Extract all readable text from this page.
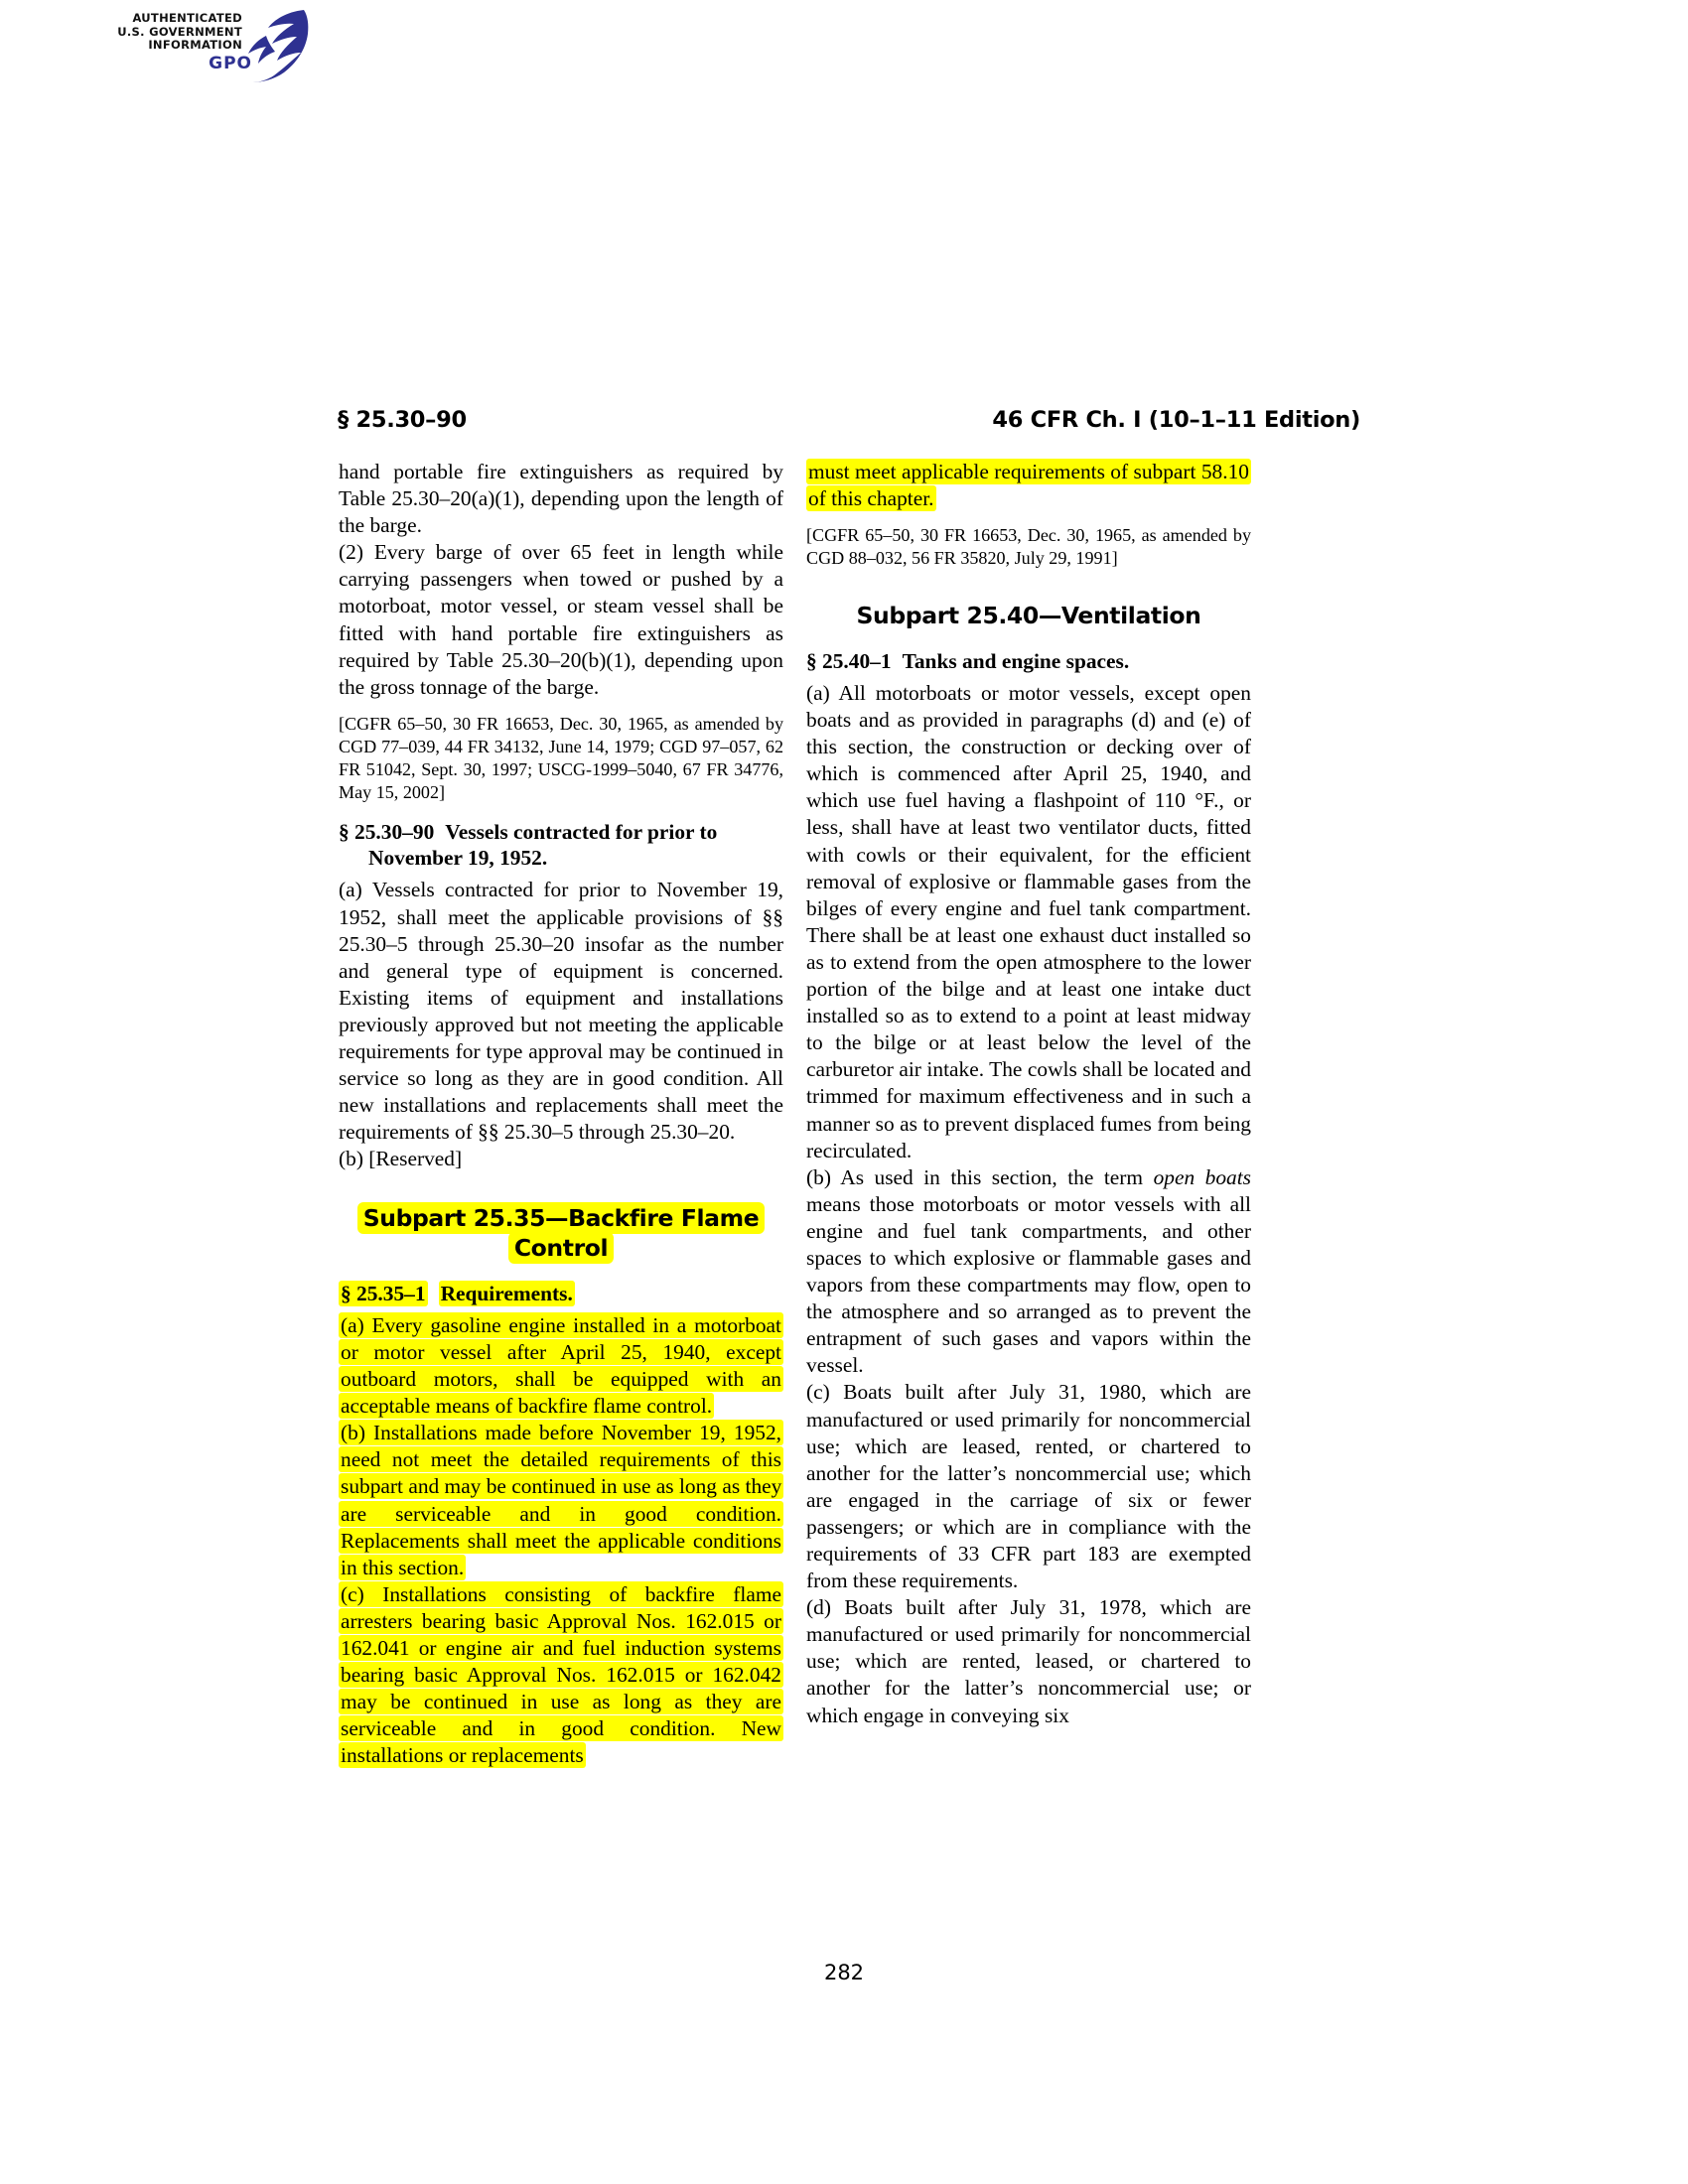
AUTHENTICATED
U.S. GOVERNMENT
INFORMATION
GPO
§ 25.30–90	46 CFR Ch. I (10–1–11 Edition)

hand portable fire extinguishers as required by Table 25.30–20(a)(1), depending upon the length of the barge.

(2) Every barge of over 65 feet in length while carrying passengers when towed or pushed by a motorboat, motor vessel, or steam vessel shall be fitted with hand portable fire extinguishers as required by Table 25.30–20(b)(1), depending upon the gross tonnage of the barge.

[CGFR 65–50, 30 FR 16653, Dec. 30, 1965, as amended by CGD 77–039, 44 FR 34132, June 14, 1979; CGD 97–057, 62 FR 51042, Sept. 30, 1997; USCG-1999–5040, 67 FR 34776, May 15, 2002]

§ 25.30–90 Vessels contracted for prior to November 19, 1952.

(a) Vessels contracted for prior to November 19, 1952, shall meet the applicable provisions of §§ 25.30–5 through 25.30–20 insofar as the number and general type of equipment is concerned. Existing items of equipment and installations previously approved but not meeting the applicable requirements for type approval may be continued in service so long as they are in good condition. All new installations and replacements shall meet the requirements of §§ 25.30–5 through 25.30–20.

(b) [Reserved]

Subpart 25.35—Backfire Flame Control

§ 25.35–1 Requirements.

(a) Every gasoline engine installed in a motorboat or motor vessel after April 25, 1940, except outboard motors, shall be equipped with an acceptable means of backfire flame control.

(b) Installations made before November 19, 1952, need not meet the detailed requirements of this subpart and may be continued in use as long as they are serviceable and in good condition. Replacements shall meet the applicable conditions in this section.

(c) Installations consisting of backfire flame arresters bearing basic Approval Nos. 162.015 or 162.041 or engine air and fuel induction systems bearing basic Approval Nos. 162.015 or 162.042 may be continued in use as long as they are serviceable and in good condition. New installations or replacements

must meet applicable requirements of subpart 58.10 of this chapter.

[CGFR 65–50, 30 FR 16653, Dec. 30, 1965, as amended by CGD 88–032, 56 FR 35820, July 29, 1991]

Subpart 25.40—Ventilation

§ 25.40–1 Tanks and engine spaces.

(a) All motorboats or motor vessels, except open boats and as provided in paragraphs (d) and (e) of this section, the construction or decking over of which is commenced after April 25, 1940, and which use fuel having a flashpoint of 110 °F., or less, shall have at least two ventilator ducts, fitted with cowls or their equivalent, for the efficient removal of explosive or flammable gases from the bilges of every engine and fuel tank compartment. There shall be at least one exhaust duct installed so as to extend from the open atmosphere to the lower portion of the bilge and at least one intake duct installed so as to extend to a point at least midway to the bilge or at least below the level of the carburetor air intake. The cowls shall be located and trimmed for maximum effectiveness and in such a manner so as to prevent displaced fumes from being recirculated.

(b) As used in this section, the term open boats means those motorboats or motor vessels with all engine and fuel tank compartments, and other spaces to which explosive or flammable gases and vapors from these compartments may flow, open to the atmosphere and so arranged as to prevent the entrapment of such gases and vapors within the vessel.

(c) Boats built after July 31, 1980, which are manufactured or used primarily for noncommercial use; which are leased, rented, or chartered to another for the latter’s noncommercial use; which are engaged in the carriage of six or fewer passengers; or which are in compliance with the requirements of 33 CFR part 183 are exempted from these requirements.

(d) Boats built after July 31, 1978, which are manufactured or used primarily for noncommercial use; which are rented, leased, or chartered to another for the latter’s noncommercial use; or which engage in conveying six

282
